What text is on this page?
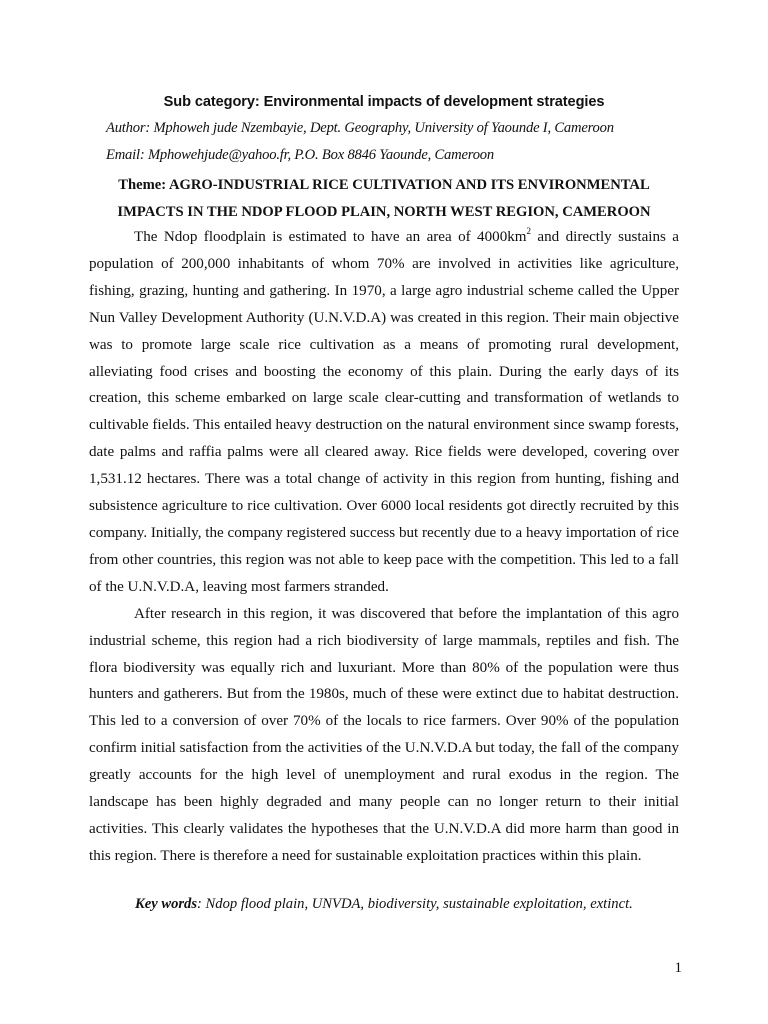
Sub category: Environmental impacts of development strategies
Author: Mphoweh jude Nzembayie, Dept. Geography, University of Yaounde I, Cameroon
Email: Mphowehjude@yahoo.fr, P.O. Box 8846 Yaounde, Cameroon
Theme: AGRO-INDUSTRIAL RICE CULTIVATION AND ITS ENVIRONMENTAL IMPACTS IN THE NDOP FLOOD PLAIN, NORTH WEST REGION, CAMEROON

The Ndop floodplain is estimated to have an area of $4000km^2$ and directly sustains a population of 200,000 inhabitants of whom 70% are involved in activities like agriculture, fishing, grazing, hunting and gathering. In 1970, a large agro industrial scheme called the Upper Nun Valley Development Authority (U.N.V.D.A) was created in this region. Their main objective was to promote large scale rice cultivation as a means of promoting rural development, alleviating food crises and boosting the economy of this plain. During the early days of its creation, this scheme embarked on large scale clear-cutting and transformation of wetlands to cultivable fields. This entailed heavy destruction on the natural environment since swamp forests, date palms and raffia palms were all cleared away. Rice fields were developed, covering over 1,531.12 hectares. There was a total change of activity in this region from hunting, fishing and subsistence agriculture to rice cultivation. Over 6000 local residents got directly recruited by this company. Initially, the company registered success but recently due to a heavy importation of rice from other countries, this region was not able to keep pace with the competition. This led to a fall of the U.N.V.D.A, leaving most farmers stranded.

After research in this region, it was discovered that before the implantation of this agro industrial scheme, this region had a rich biodiversity of large mammals, reptiles and fish. The flora biodiversity was equally rich and luxuriant. More than 80% of the population were thus hunters and gatherers. But from the 1980s, much of these were extinct due to habitat destruction. This led to a conversion of over 70% of the locals to rice farmers. Over 90% of the population confirm initial satisfaction from the activities of the U.N.V.D.A but today, the fall of the company greatly accounts for the high level of unemployment and rural exodus in the region. The landscape has been highly degraded and many people can no longer return to their initial activities. This clearly validates the hypotheses that the U.N.V.D.A did more harm than good in this region. There is therefore a need for sustainable exploitation practices within this plain.

Key words: Ndop flood plain, UNVDA, biodiversity, sustainable exploitation, extinct.
1
